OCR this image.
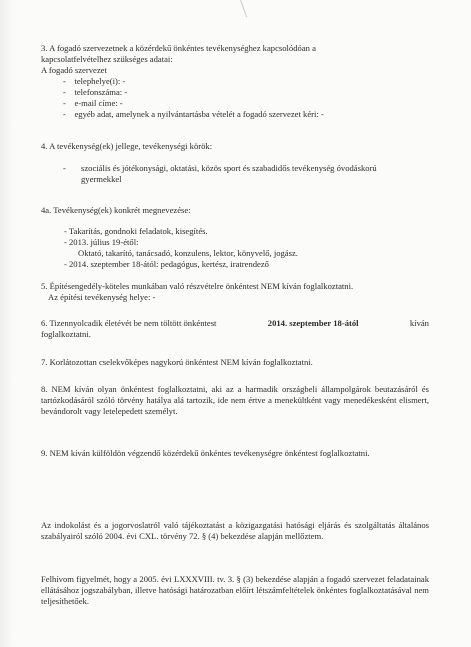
3. A fogadó szervezetnek a közérdekű önkéntes tevékenységhez kapcsolódóan a
kapcsolatfelvételhez szükséges adatai:
A fogadó szervezet
-    telephelye(i): -
-    telefonszáma: -
-    e-mail címe: -
-    egyéb adat, amelynek a nyilvántartásba vételét a fogadó szervezet kéri: -
4. A tevékenység(ek) jellege, tevékenységi körök:
- szociális és jótékonysági, oktatási, közös sport és szabadidős tevékenység óvodáskorú
gyermekkel
4a. Tevékenység(ek) konkrét megnevezése:
- Takarítás, gondnoki feladatok, kisegítés.
- 2013. július 19-étől:
Oktató, takarító, tanácsadó, konzulens, lektor, könyvelő, jogász.
- 2014. szeptember 18-ától: pedagógus, kertész, iratrendező
5. Építésengedély-köteles munkában való részvételre önkéntest NEM kíván foglalkoztatni.
Az építési tevékenység helye: -
6. Tizennyolcadik életévét be nem töltött önkéntest	2014. szeptember 18-ától	kíván
foglalkoztatni.
7. Korlátozottan cselekvőképes nagykorú önkéntest NEM kíván foglalkoztatni.
8. NEM kíván olyan önkéntest foglalkoztatni, aki az a harmadik országbeli állampolgárok beutazásáról és tartózkodásáról szóló törvény hatálya alá tartozik, ide nem értve a menekültként vagy menedékesként elismert, bevándorolt vagy letelepedett személyt.
9. NEM kíván külföldön végzendő közérdekű önkéntes tevékenységre önkéntest foglalkoztatni.
Az indokolást és a jogorvoslatról való tájékoztatást a közigazgatási hatósági eljárás és szolgáltatás általános szabályairól szóló 2004. évi CXL. törvény 72. § (4) bekezdése alapján mellőztem.
Felhívom figyelmét, hogy a 2005. évi LXXXVIII. tv. 3. § (3) bekezdése alapján a fogadó szervezet feladatainak ellátásához jogszabályban, illetve hatósági határozatban előírt létszámfeltételek önkéntes foglalkoztatásával nem teljesíthetőek.
